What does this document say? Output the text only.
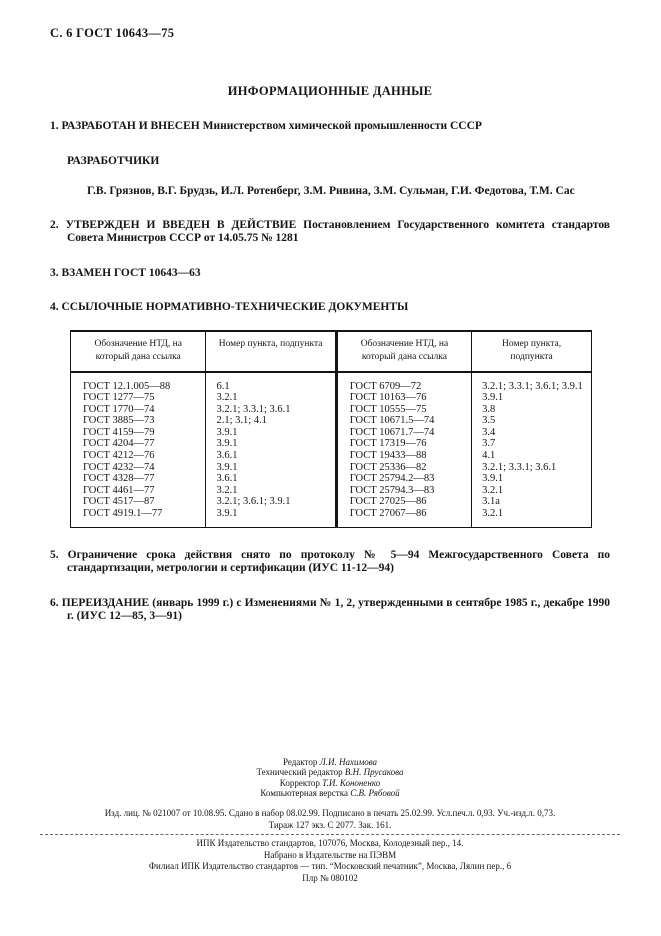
С. 6 ГОСТ 10643—75
ИНФОРМАЦИОННЫЕ ДАННЫЕ

1. РАЗРАБОТАН И ВНЕСЕН Министерством химической промышленности СССР

РАЗРАБОТЧИКИ

Г.В. Грязнов, В.Г. Брудзь, И.Л. Ротенберг, З.М. Ривина, З.М. Сульман, Г.И. Федотова, Т.М. Сас

2. УТВЕРЖДЕН И ВВЕДЕН В ДЕЙСТВИЕ Постановлением Государственного комитета стандартов Совета Министров СССР от 14.05.75 № 1281

3. ВЗАМЕН ГОСТ 10643—63

4. ССЫЛОЧНЫЕ НОРМАТИВНО-ТЕХНИЧЕСКИЕ ДОКУМЕНТЫ

Обозначение НТД, на который дана ссылка	Номер пункта, подпункта	Обозначение НТД, на который дана ссылка	Номер пункта, подпункта
ГОСТ 12.1.005—88	6.1	ГОСТ 6709—72	3.2.1; 3.3.1; 3.6.1; 3.9.1
ГОСТ 1277—75	3.2.1	ГОСТ 10163—76	3.9.1
ГОСТ 1770—74	3.2.1; 3.3.1; 3.6.1	ГОСТ 10555—75	3.8
ГОСТ 3885—73	2.1; 3.1; 4.1	ГОСТ 10671.5—74	3.5
ГОСТ 4159—79	3.9.1	ГОСТ 10671.7—74	3.4
ГОСТ 4204—77	3.9.1	ГОСТ 17319—76	3.7
ГОСТ 4212—76	3.6.1	ГОСТ 19433—88	4.1
ГОСТ 4232—74	3.9.1	ГОСТ 25336—82	3.2.1; 3.3.1; 3.6.1
ГОСТ 4328—77	3.6.1	ГОСТ 25794.2—83	3.9.1
ГОСТ 4461—77	3.2.1	ГОСТ 25794.3—83	3.2.1
ГОСТ 4517—87	3.2.1; 3.6.1; 3.9.1	ГОСТ 27025—86	3.1а
ГОСТ 4919.1—77	3.9.1	ГОСТ 27067—86	3.2.1

5. Ограничение срока действия снято по протоколу № 5—94 Межгосударственного Совета по стандартизации, метрологии и сертификации (ИУС 11-12—94)

6. ПЕРЕИЗДАНИЕ (январь 1999 г.) с Изменениями № 1, 2, утвержденными в сентябре 1985 г., декабре 1990 г. (ИУС 12—85, 3—91)

Редактор Л.И. Нахимова
Технический редактор В.Н. Прусакова
Корректор Т.И. Кононенко
Компьютерная верстка С.В. Рябовой
Изд. лиц. № 021007 от 10.08.95. Сдано в набор 08.02.99. Подписано в печать 25.02.99. Усл.печ.л. 0,93. Уч.-изд.л. 0,73.
Тираж 127 экз. С 2077. Зак. 161.
ИПК Издательство стандартов, 107076, Москва, Колодезный пер., 14.
Набрано в Издательстве на ПЭВМ
Филиал ИПК Издательство стандартов — тип. “Московский печатник”, Москва, Лялин пер., 6
Плр № 080102
